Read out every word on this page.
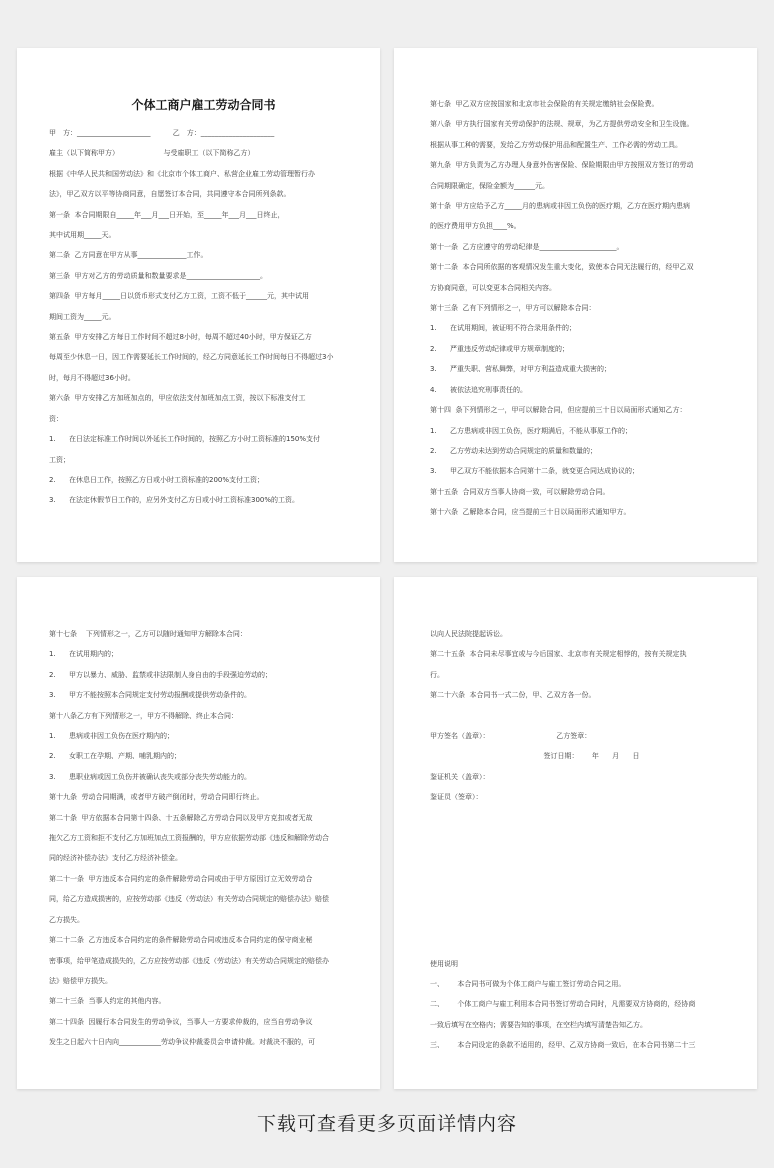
个体工商户雇工劳动合同书
甲　方：_____________________          乙　方：_____________________
雇主（以下简称甲方）                    与受雇职工（以下简称乙方）
根据《中华人民共和国劳动法》和《北京市个体工商户、私营企业雇工劳动管理暂行办
法》，甲乙双方以平等协商同意，自愿签订本合同，共同遵守本合同所列条款。
第一条  本合同期限自_____年___月___日开始，至_____年___月___日终止，
其中试用期_____天。
第二条  乙方同意在甲方从事______________工作。
第三条  甲方对乙方的劳动质量和数量要求是_____________________。
第四条  甲方每月_____日以货币形式支付乙方工资，工资不低于______元，其中试用
期间工资为_____元。
第五条  甲方安排乙方每日工作时间不超过8小时，每周不超过40小时，甲方保证乙方
每周至少休息一日，因工作需要延长工作时间的，经乙方同意延长工作时间每日不得超过3小
时，每月不得超过36小时。
第六条  甲方安排乙方加班加点的，甲应依法支付加班加点工资，按以下标准支付工
资：
1.      在日法定标准工作时间以外延长工作时间的，按照乙方小时工资标准的150%支付
工资；
2.      在休息日工作，按照乙方日或小时工资标准的200%支付工资；
3.      在法定休假节日工作的，应另外支付乙方日或小时工资标准300%的工资。
第七条  甲乙双方应按国家和北京市社会保险的有关规定缴纳社会保险费。
第八条  甲方执行国家有关劳动保护的法规、规章，为乙方提供劳动安全和卫生设施。
根据从事工种的需要，发给乙方劳动保护用品和配置生产、工作必需的劳动工具。
第九条  甲方负责为乙方办理人身意外伤害保险、保险期限由甲方按照双方签订的劳动
合同期限确定，保险金额为______元。
第十条  甲方应给予乙方_____月的患病或非因工负伤的医疗期，乙方在医疗期内患病
的医疗费用甲方负担____%。
第十一条  乙方应遵守的劳动纪律是______________________。
第十二条  本合同所依据的客观情况发生重大变化，致使本合同无法履行的，经甲乙双
方协商同意，可以变更本合同相关内容。
第十三条  乙有下列情形之一，甲方可以解除本合同：
1.      在试用期间，被证明不符合录用条件的；
2.      严重违反劳动纪律或甲方规章制度的；
3.      严重失职、营私舞弊，对甲方利益造成重大损害的；
4.      被依法追究刑事责任的。
第十四  条下列情形之一，甲可以解除合同，但应提前三十日以局面形式通知乙方：
1.      乙方患病或非因工负伤，医疗期满后，不能从事原工作的；
2.      乙方劳动未达到劳动合同规定的质量和数量的；
3.      甲乙双方不能依据本合同第十二条，就变更合同达成协议的；
第十五条  合同双方当事人协商一致，可以解除劳动合同。
第十六条  乙解除本合同，应当提前三十日以局面形式通知甲方。
第十七条    下列情形之一，乙方可以随时通知甲方解除本合同：
1.      在试用期内的；
2.      甲方以暴力、威胁、监禁或非法限制人身自由的手段强迫劳动的；
3.      甲方不能按照本合同规定支付劳动报酬或提供劳动条件的。
第十八条乙方有下列情形之一，甲方不得解除、终止本合同：
1.      患病或非因工负伤在医疗期内的；
2.      女职工在孕期、产期、哺乳期内的；
3.      患职业病或因工负伤并被确认丧失或部分丧失劳动能力的。
第十九条  劳动合同期满，或者甲方破产倒闭时，劳动合同即行终止。
第二十条  甲方依据本合同第十四条、十五条解除乙方劳动合同以及甲方克扣或者无故
拖欠乙方工资和拒不支付乙方加班加点工资报酬的，甲方应依据劳动部《违反和解除劳动合
同的经济补偿办法》支付乙方经济补偿金。
第二十一条  甲方违反本合同约定的条件解除劳动合同或由于甲方原因订立无效劳动合
同，给乙方造成损害的，应按劳动部《违反（劳动法）有关劳动合同规定的赔偿办法》赔偿
乙方损失。
第二十二条  乙方违反本合同约定的条件解除劳动合同或违反本合同约定的保守商业秘
密事项，给甲笔造成损失的，乙方应按劳动部《违反（劳动法）有关劳动合同规定的赔偿办
法》赔偿甲方损失。
第二十三条  当事人约定的其他内容。
第二十四条  因履行本合同发生的劳动争议，当事人一方要求仲裁的，应当自劳动争议
发生之日起六十日内向____________劳动争议仲裁委员会申请仲裁。对裁决不服的，可
以向人民法院提起诉讼。
第二十五条  本合同未尽事宜或与今后国家、北京市有关规定相悖的，按有关规定执
行。
第二十六条  本合同书一式二份，甲、乙双方各一份。

甲方签名（盖章）：                              乙方签章：
签订日期：      年      月      日
鉴证机关（盖章）：
鉴证员（签章）：
使用说明
一、      本合同书可做为个体工商户与雇工签订劳动合同之用。
二、      个体工商户与雇工利用本合同书签订劳动合同时，凡需要双方协商的，经协商
一致后填写在空格内；需要告知的事项，在空栏内填写清楚告知乙方。
三、      本合同设定的条款不适用的，经甲、乙双方协商一致后，在本合同书第二十三
下载可查看更多页面详情内容
